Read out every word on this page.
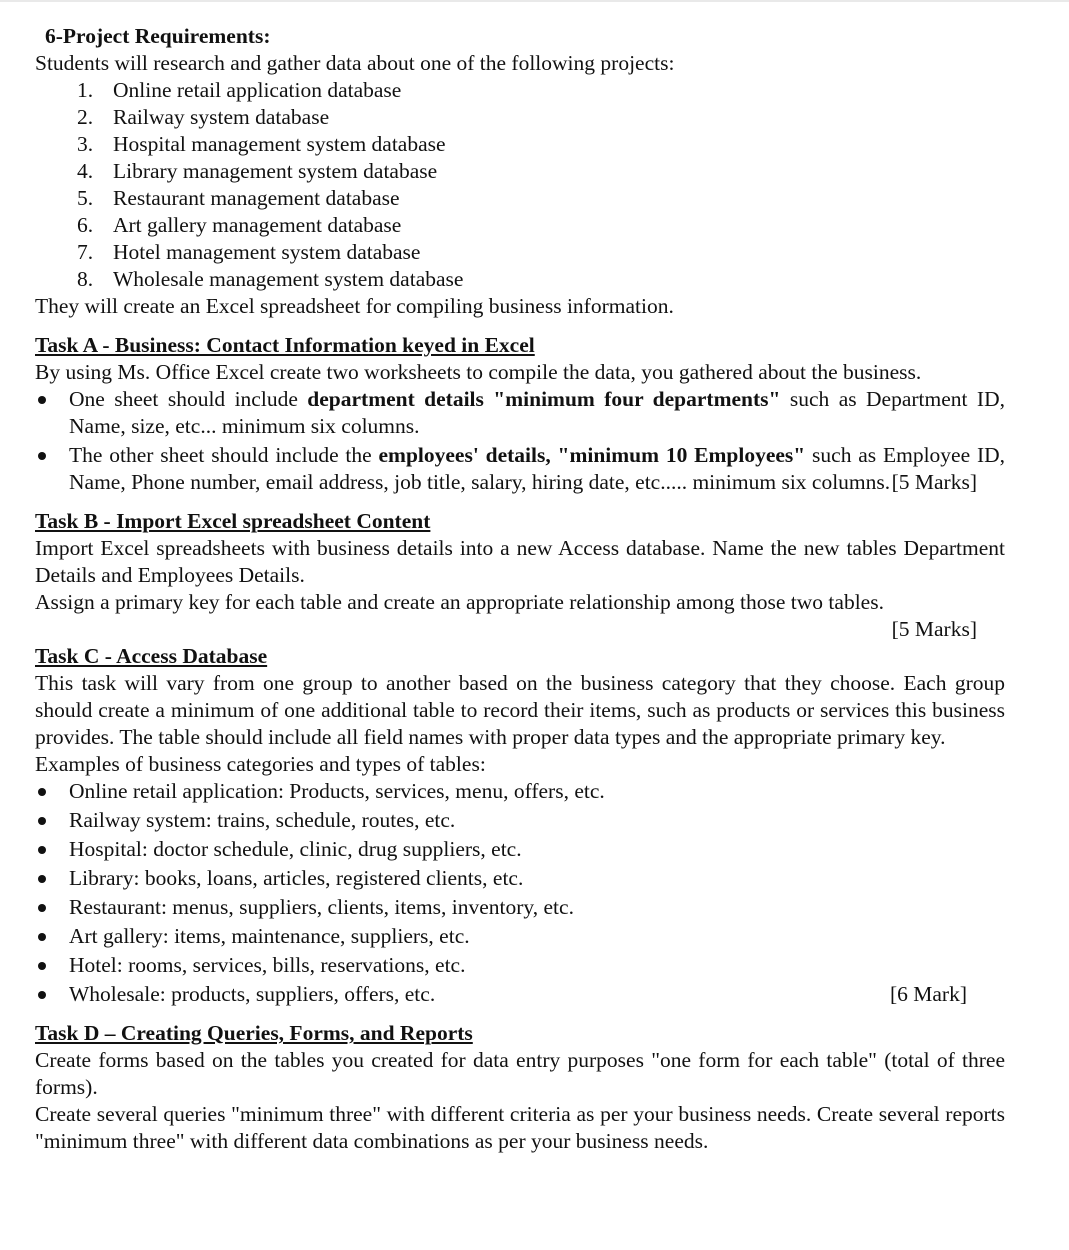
6-Project Requirements:
Students will research and gather data about one of the following projects:
1. Online retail application database
2. Railway system database
3. Hospital management system database
4. Library management system database
5. Restaurant management database
6. Art gallery management database
7. Hotel management system database
8. Wholesale management system database
They will create an Excel spreadsheet for compiling business information.
Task A - Business: Contact Information keyed in Excel
By using Ms. Office Excel create two worksheets to compile the data, you gathered about the business.
One sheet should include department details "minimum four departments" such as Department ID, Name, size, etc... minimum six columns.
The other sheet should include the employees' details, "minimum 10 Employees" such as Employee ID, Name, Phone number, email address, job title, salary, hiring date, etc..... minimum six columns. [5 Marks]
Task B - Import Excel spreadsheet Content
Import Excel spreadsheets with business details into a new Access database. Name the new tables Department Details and Employees Details.
Assign a primary key for each table and create an appropriate relationship among those two tables.
[5 Marks]
Task C - Access Database
This task will vary from one group to another based on the business category that they choose. Each group should create a minimum of one additional table to record their items, such as products or services this business provides. The table should include all field names with proper data types and the appropriate primary key.
Examples of business categories and types of tables:
Online retail application: Products, services, menu, offers, etc.
Railway system: trains, schedule, routes, etc.
Hospital: doctor schedule, clinic, drug suppliers, etc.
Library: books, loans, articles, registered clients, etc.
Restaurant: menus, suppliers, clients, items, inventory, etc.
Art gallery: items, maintenance, suppliers, etc.
Hotel: rooms, services, bills, reservations, etc.
Wholesale: products, suppliers, offers, etc.	[6 Mark]
Task D – Creating Queries, Forms, and Reports
Create forms based on the tables you created for data entry purposes "one form for each table" (total of three forms).
Create several queries "minimum three" with different criteria as per your business needs. Create several reports "minimum three" with different data combinations as per your business needs.
